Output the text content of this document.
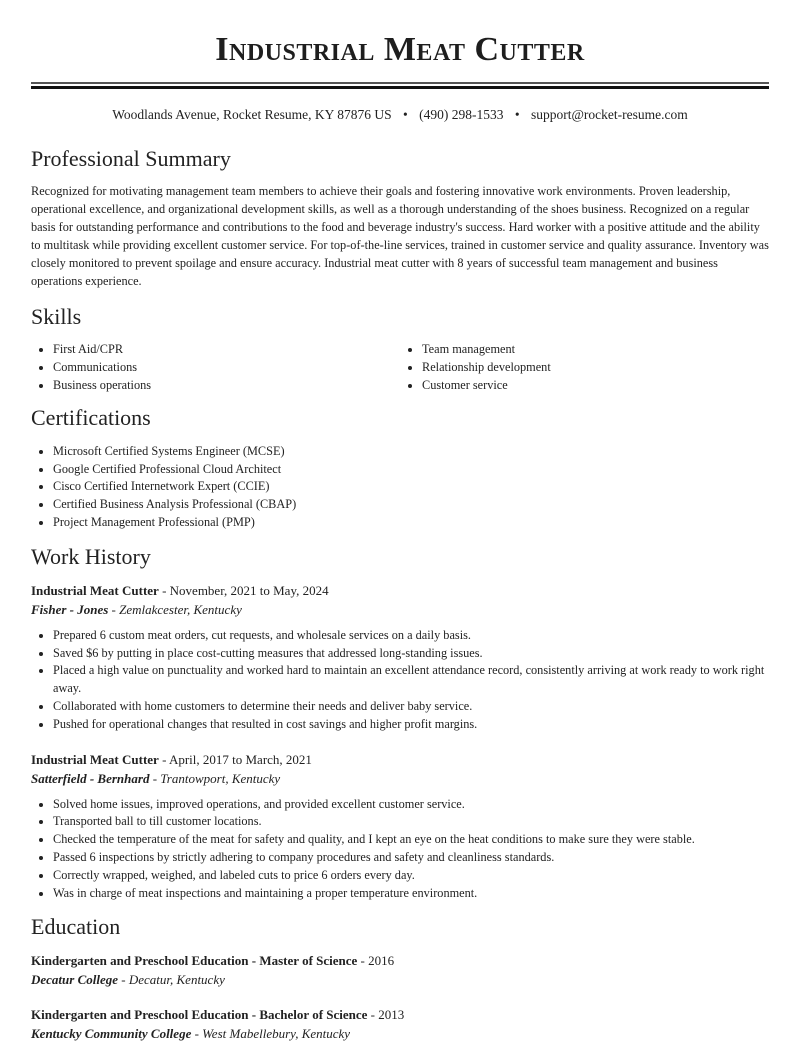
Industrial Meat Cutter
Woodlands Avenue, Rocket Resume, KY 87876 US • (490) 298-1533 • support@rocket-resume.com
Professional Summary

Recognized for motivating management team members to achieve their goals and fostering innovative work environments. Proven leadership, operational excellence, and organizational development skills, as well as a thorough understanding of the shoes business. Recognized on a regular basis for outstanding performance and contributions to the food and beverage industry's success. Hard worker with a positive attitude and the ability to multitask while providing excellent customer service. For top-of-the-line services, trained in customer service and quality assurance. Inventory was closely monitored to prevent spoilage and ensure accuracy. Industrial meat cutter with 8 years of successful team management and business operations experience.

Skills
• First Aid/CPR
• Communications
• Business operations
• Team management
• Relationship development
• Customer service
Certifications
• Microsoft Certified Systems Engineer (MCSE)
• Google Certified Professional Cloud Architect
• Cisco Certified Internetwork Expert (CCIE)
• Certified Business Analysis Professional (CBAP)
• Project Management Professional (PMP)
Work History
Industrial Meat Cutter - November, 2021 to May, 2024
Fisher - Jones - Zemlakcester, Kentucky
• Prepared 6 custom meat orders, cut requests, and wholesale services on a daily basis.
• Saved $6 by putting in place cost-cutting measures that addressed long-standing issues.
• Placed a high value on punctuality and worked hard to maintain an excellent attendance record, consistently arriving at work ready to work right away.
• Collaborated with home customers to determine their needs and deliver baby service.
• Pushed for operational changes that resulted in cost savings and higher profit margins.
Industrial Meat Cutter - April, 2017 to March, 2021
Satterfield - Bernhard - Trantowport, Kentucky
• Solved home issues, improved operations, and provided excellent customer service.
• Transported ball to till customer locations.
• Checked the temperature of the meat for safety and quality, and I kept an eye on the heat conditions to make sure they were stable.
• Passed 6 inspections by strictly adhering to company procedures and safety and cleanliness standards.
• Correctly wrapped, weighed, and labeled cuts to price 6 orders every day.
• Was in charge of meat inspections and maintaining a proper temperature environment.
Education
Kindergarten and Preschool Education - Master of Science - 2016
Decatur College - Decatur, Kentucky
Kindergarten and Preschool Education - Bachelor of Science - 2013
Kentucky Community College - West Mabellebury, Kentucky
